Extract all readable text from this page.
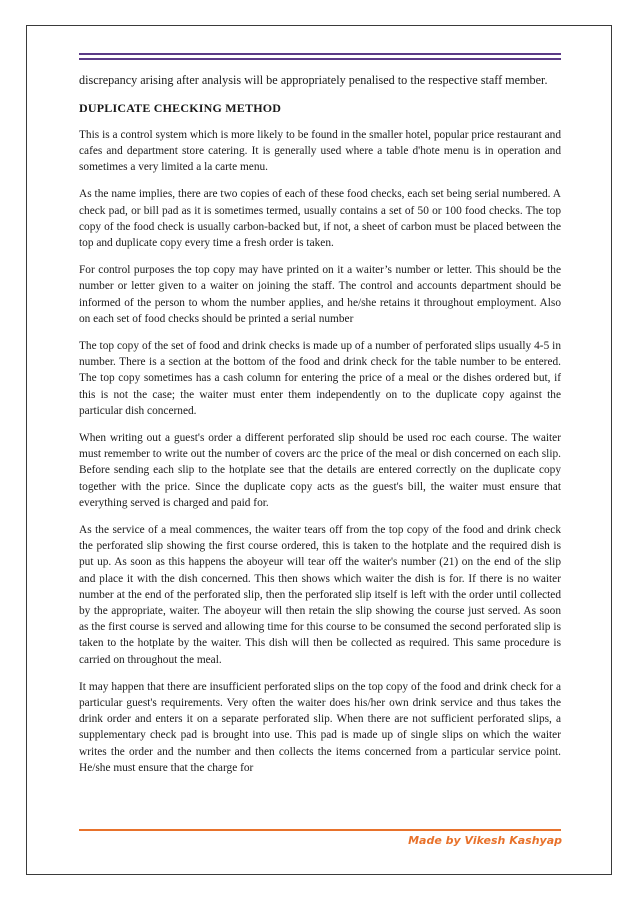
discrepancy arising after analysis will be appropriately penalised to the respective staff member.

DUPLICATE CHECKING METHOD

This is a control system which is more likely to be found in the smaller hotel, popular price restaurant and cafes and department store catering. It is generally used where a table d'hote menu is in operation and sometimes a very limited a la carte menu.

As the name implies, there are two copies of each of these food checks, each set being serial numbered. A check pad, or bill pad as it is sometimes termed, usually contains a set of 50 or 100 food checks. The top copy of the food check is usually carbon-backed but, if not, a sheet of carbon must be placed between the top and duplicate copy every time a fresh order is taken.

For control purposes the top copy may have printed on it a waiter’s number or letter. This should be the number or letter given to a waiter on joining the staff. The control and accounts department should be informed of the person to whom the number applies, and he/she retains it throughout employment. Also on each set of food checks should be printed a serial number

The top copy of the set of food and drink checks is made up of a number of perforated slips usually 4-5 in number. There is a section at the bottom of the food and drink check for the table number to be entered. The top copy sometimes has a cash column for entering the price of a meal or the dishes ordered but, if this is not the case; the waiter must enter them independently on to the duplicate copy against the particular dish concerned.

When writing out a guest's order a different perforated slip should be used roc each course. The waiter must remember to write out the number of covers arc the price of the meal or dish concerned on each slip. Before sending each slip to the hotplate see that the details are entered correctly on the duplicate copy together with the price. Since the duplicate copy acts as the guest's bill, the waiter must ensure that everything served is charged and paid for.

As the service of a meal commences, the waiter tears off from the top copy of the food and drink check the perforated slip showing the first course ordered, this is taken to the hotplate and the required dish is put up. As soon as this happens the aboyeur will tear off the waiter's number (21) on the end of the slip and place it with the dish concerned. This then shows which waiter the dish is for. If there is no waiter number at the end of the perforated slip, then the perforated slip itself is left with the order until collected by the appropriate, waiter. The aboyeur will then retain the slip showing the course just served. As soon as the first course is served and allowing time for this course to be consumed the second perforated slip is taken to the hotplate by the waiter. This dish will then be collected as required. This same procedure is carried on throughout the meal.

It may happen that there are insufficient perforated slips on the top copy of the food and drink check for a particular guest's requirements. Very often the waiter does his/her own drink service and thus takes the drink order and enters it on a separate perforated slip. When there are not sufficient perforated slips, a supplementary check pad is brought into use. This pad is made up of single slips on which the waiter writes the order and the number and then collects the items concerned from a particular service point. He/she must ensure that the charge for

Made by Vikesh Kashyap
